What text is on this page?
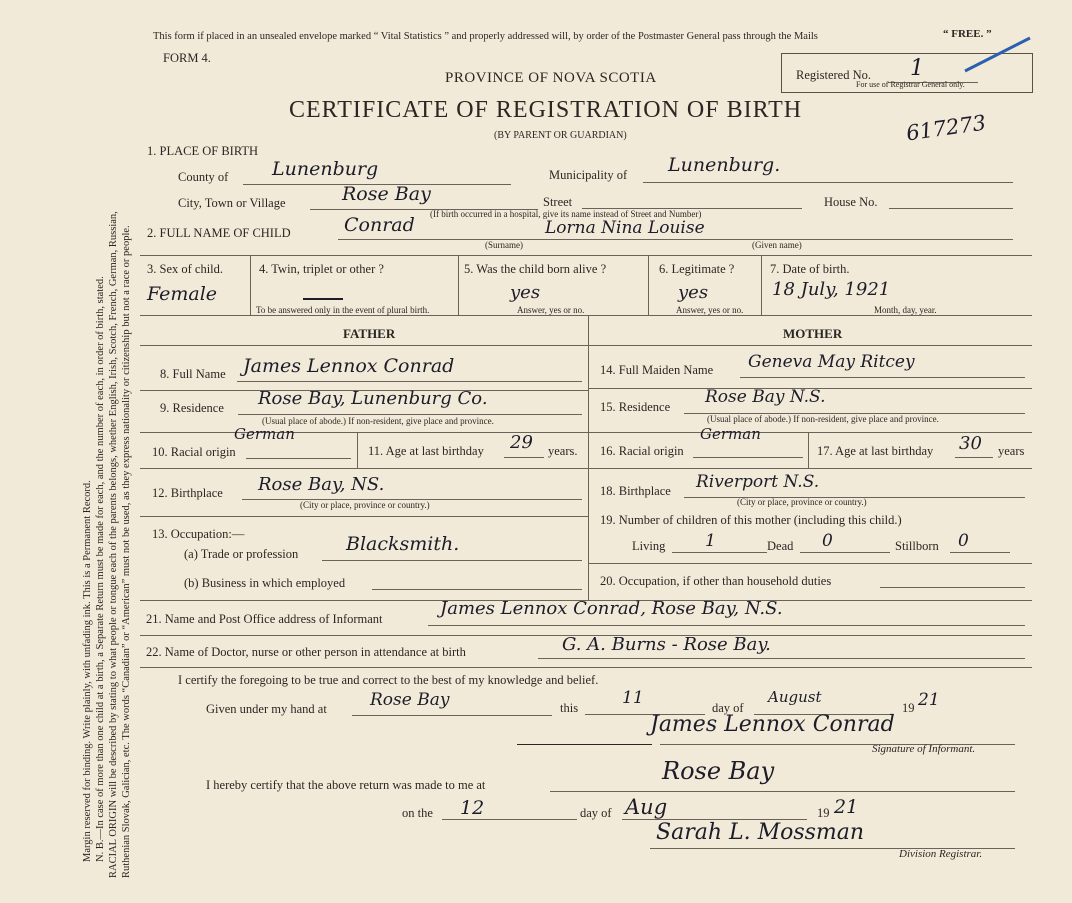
Margin reserved for binding. Write plainly, with unfading ink. This is a Permanent Record. N. B.—In case of more than one child at a birth, a Separate Return must be made for each, and the number of each, in order of birth, stated. RACIAL ORIGIN will be described by stating to what people or tongue each of the parents belongs, whether English, Irish, Scotch, French, German, Russian, Ruthenian Slovak, Galician, etc. The words “Canadian” or “American” must not be used, as they express nationality or citizenship but not a race or people.
This form if placed in an unsealed envelope marked “ Vital Statistics ” and properly addressed will, by order of the Postmaster General pass through the Mails	“ FREE. ”
FORM 4.
Registered No. 1
For use of Registrar General only.
PROVINCE OF NOVA SCOTIA
CERTIFICATE OF REGISTRATION OF BIRTH
(BY PARENT OR GUARDIAN)	617273
1. PLACE OF BIRTH
County of Lunenburg	Municipality of Lunenburg.
City, Town or Village	Rose Bay	Street	House No.
(If birth occurred in a hospital, give its name instead of Street and Number)
2. FULL NAME OF CHILD	Conrad	Lorna Nina Louise
(Surname)	(Given name)
3. Sex of child.
Female
4. Twin, triplet or other ?
To be answered only in the event of plural birth.
5. Was the child born alive ?
yes
Answer, yes or no.
6. Legitimate ?
yes
Answer, yes or no.
7. Date of birth.
18 July, 1921
Month, day, year.
FATHER	MOTHER
8. Full Name James Lennox Conrad
9. Residence Rose Bay, Lunenburg Co.
(Usual place of abode.) If non-resident, give place and province.
10. Racial origin
German
11. Age at last birthday 29 years.
12. Birthplace Rose Bay, NS.
(City or place, province or country.)
13. Occupation:—
(a) Trade or profession	Blacksmith.
(b) Business in which employed
14. Full Maiden Name Geneva May Ritcey
15. Residence Rose Bay N.S.
(Usual place of abode.) If non-resident, give place and province.
16. Racial origin
German
17. Age at last birthday 30 years
18. Birthplace Riverport N.S.
(City or place, province or country.)
19. Number of children of this mother (including this child.)
Living 1	Dead 0	Stillborn 0
20. Occupation, if other than household duties
21. Name and Post Office address of Informant	James Lennox Conrad, Rose Bay, N.S.
22. Name of Doctor, nurse or other person in attendance at birth	G. A. Burns - Rose Bay.
I certify the foregoing to be true and correct to the best of my knowledge and belief.
Given under my hand at	Rose Bay	this	11	day of
August
19 21
James Lennox Conrad
Signature of Informant.
I hereby certify that the above return was made to me at	Rose Bay
on the 12	day of Aug	19 21
Sarah L. Mossman
Division Registrar.
